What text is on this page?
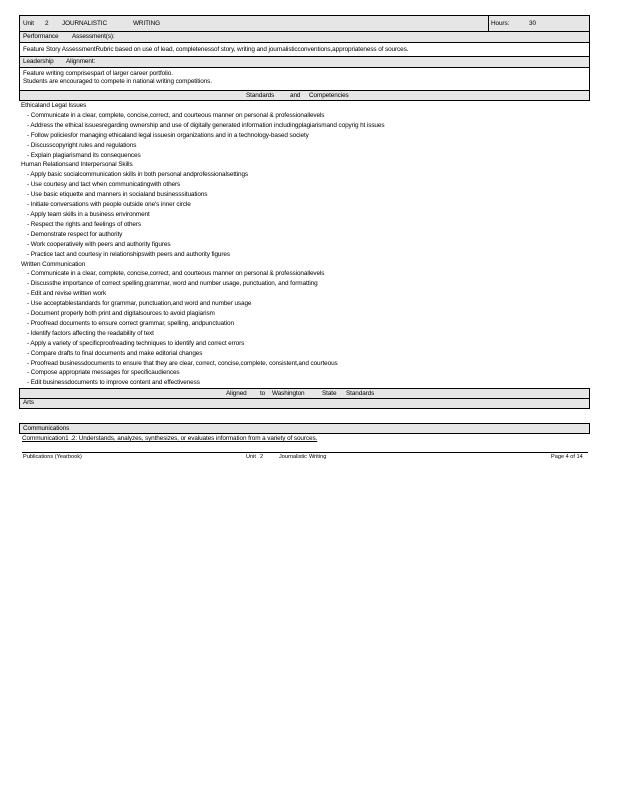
Unit 2 JOURNALISTIC	WRITING	Hours:	30
Performance Assessment(s):
Feature Story AssessmentRubric based on use of lead, completenessof story, writing and journalisticconventions,appropriateness of sources.
Leadership Alignment:
Feature writing comprisespart of larger career portfolio.
Students are encouraged to compete in national writing competitions.
Standards and Competencies
Ethicaland Legal Issues
- Communicate in a clear, complete, concise,correct, and courteous manner on personal & professionallevels
- Address the ethical issuesregarding ownership and use of digitally generated information includingplagiarismand copyrig ht issues
- Follow policiesfor managing ethicaland legal issuesin organizations and in a technology-based society
- Discusscopyright rules and regulations
- Explain plagiarismand its consequences
Human Relationsand Interpersonal Skills
- Apply basic socialcommunication skills in both personal andprofessionalsettings
- Use courtesy and tact when communicatingwith others
- Use basic etiquette and manners in socialand businesssituations
- Initiate conversations with people outside one's inner circle
- Apply team skills in a business environment
- Respect the rights and feelings of others
- Demonstrate respect for authority
- Work cooperatively with peers and authority figures
- Practice tact and courtesy in relationshipswith peers and authority figures
Written Communication
- Communicate in a clear, complete, concise,correct, and courteous manner on personal & professionallevels
- Discussthe importance of correct spelling,grammar, word and number usage, punctuation, and formatting
- Edit and revise written work
- Use acceptablestandards for grammar, punctuation,and word and number usage
- Document properly both print and digitalsources to avoid plagiarism
- Proofread documents to ensure correct grammar, spelling, andpunctuation
- Identify factors affecting the readability of text
- Apply a variety of specificproofreading techniques to identify and correct errors
- Compare drafts to final documents and make editorial changes
- Proofread businessdocuments to ensure that they are clear, correct, concise,complete, consistent,and courteous
- Compose appropriate messages for specificaudiences
- Edit businessdocuments to improve content and effectiveness
Aligned to Washington	State Standards
Arts
Communications
Communication1 .2: Understands, analyzes, synthesizes, or evaluates information from a variety of sources.
Publications (Yearbook)	Unit 2	Journalistic Writing	Page 4 of 14
